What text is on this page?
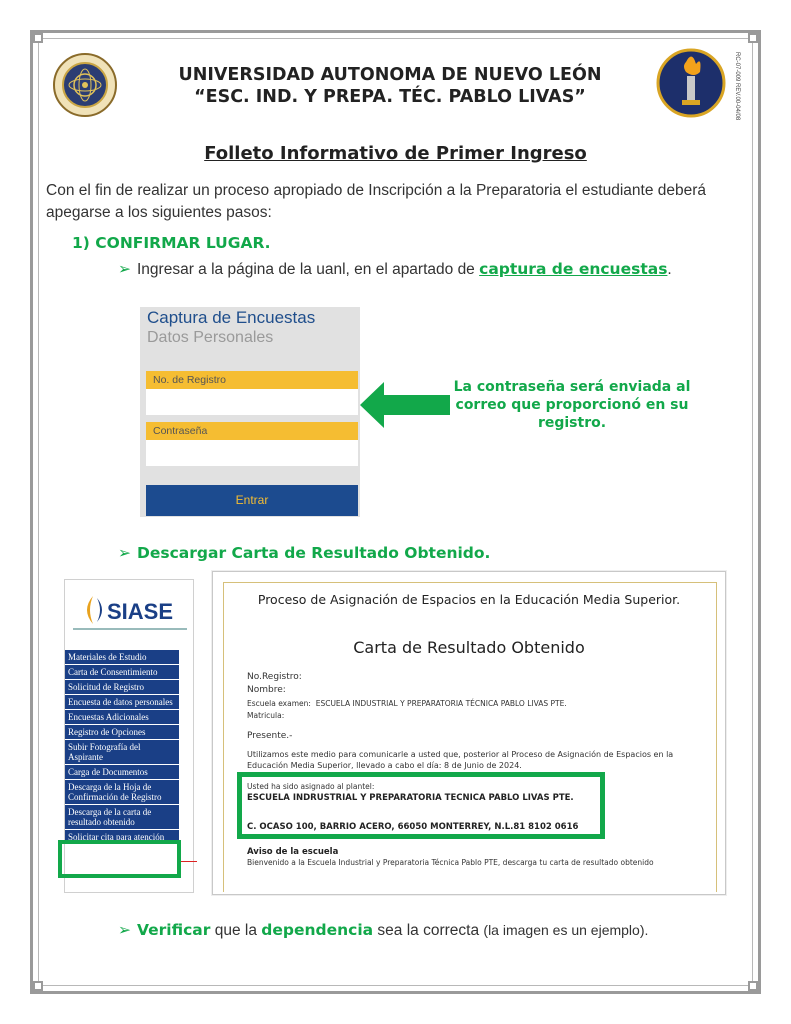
RC-07-009 REV.00-04/08
UNIVERSIDAD AUTONOMA DE NUEVO LEÓN
“ESC. IND. Y PREPA. TÉC. PABLO LIVAS”
Folleto Informativo de Primer Ingreso
Con el fin de realizar un proceso apropiado de Inscripción a la Preparatoria el estudiante deberá apegarse a los siguientes pasos:
1) CONFIRMAR LUGAR.
➢ Ingresar a la página de la uanl, en el apartado de captura de encuestas.
Captura de Encuestas
Datos Personales
No. de Registro
Contraseña
Entrar
La contraseña será enviada al correo que proporcionó en su registro.
➢ Descargar Carta de Resultado Obtenido.
SIASE
Materiales de Estudio
Carta de Consentimiento
Solicitud de Registro
Encuesta de datos personales
Encuestas Adicionales
Registro de Opciones
Subir Fotografía del Aspirante
Carga de Documentos
Descarga de la Hoja de Confirmación de Registro
Descarga de la carta de resultado obtenido
Solicitar cita para atención
Proceso de Asignación de Espacios en la Educación Media Superior.
Carta de Resultado Obtenido
No.Registro:
Nombre:
Escuela examen: ESCUELA INDUSTRIAL Y PREPARATORIA TÉCNICA PABLO LIVAS PTE.
Matricula:
Presente.-
Utilizamos este medio para comunicarle a usted que, posterior al Proceso de Asignación de Espacios en la Educación Media Superior, llevado a cabo el día: 8 de Junio de 2024.
Usted ha sido asignado al plantel:
ESCUELA INDRUSTRIAL Y PREPARATORIA TECNICA PABLO LIVAS PTE.
C. OCASO 100, BARRIO ACERO, 66050 MONTERREY, N.L.81 8102 0616
Aviso de la escuela
Bienvenido a la Escuela Industrial y Preparatoria Técnica Pablo PTE, descarga tu carta de resultado obtenido
➢ Verificar que la dependencia sea la correcta (la imagen es un ejemplo).
